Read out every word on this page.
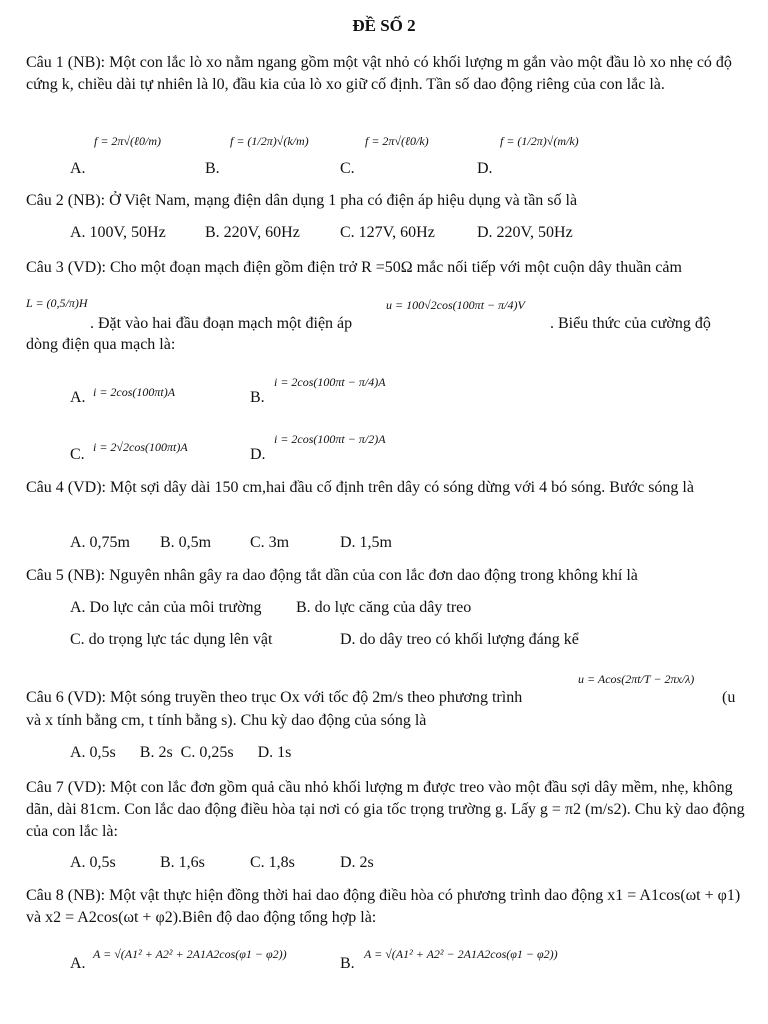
ĐỀ SỐ 2
Câu 1 (NB): Một con lắc lò xo nằm ngang gồm một vật nhỏ có khối lượng m gắn vào một đầu lò xo nhẹ có độ cứng k, chiều dài tự nhiên là l0, đầu kia của lò xo giữ cố định. Tần số dao động riêng của con lắc là.
A.
f = 2π√(ℓ0/m)
B.
f = (1/2π)√(k/m)
C.
f = 2π√(ℓ0/k)
D.
f = (1/2π)√(m/k)
Câu 2 (NB): Ở Việt Nam, mạng điện dân dụng 1 pha có điện áp hiệu dụng và tần số là
A. 100V, 50Hz B. 220V, 60Hz	C. 127V, 60Hz	D. 220V, 50Hz
Câu 3 (VD): Cho một đoạn mạch điện gồm điện trở R =50Ω mắc nối tiếp với một cuộn dây thuần cảm
L = (0,5/π)H
. Đặt vào hai đầu đoạn mạch một điện áp
u = 100√2cos(100πt − π/4)V
. Biểu thức của cường độ
dòng điện qua mạch là:
A. i = 2cos(100πt)A	B.
i = 2cos(100πt − π/4)A
C. i = 2√2cos(100πt)A	D.
i = 2cos(100πt − π/2)A
Câu 4 (VD): Một sợi dây dài 150 cm,hai đầu cố định trên dây có sóng dừng với 4 bó sóng. Bước sóng là
A. 0,75m B. 0,5m C. 3m	D. 1,5m
Câu 5 (NB): Nguyên nhân gây ra dao động tắt dần của con lắc đơn dao động trong không khí là
A. Do lực cản của môi trường B. do lực căng của dây treo
C. do trọng lực tác dụng lên vật	D. do dây treo có khối lượng đáng kể
Câu 6 (VD): Một sóng truyền theo trục Ox với tốc độ 2m/s theo phương trình
u = Acos(2πt/T − 2πx/λ)
(u
và x tính bằng cm, t tính bằng s). Chu kỳ dao động của sóng là
A. 0,5s      B. 2s  C. 0,25s      D. 1s
Câu 7 (VD): Một con lắc đơn gồm quả cầu nhỏ khối lượng m được treo vào một đầu sợi dây mềm, nhẹ, không dãn, dài 81cm. Con lắc dao động điều hòa tại nơi có gia tốc trọng trường g. Lấy g = π2 (m/s2). Chu kỳ dao động của con lắc là:
A. 0,5s	B. 1,6s	C. 1,8s	D. 2s
Câu 8 (NB): Một vật thực hiện đồng thời hai dao động điều hòa có phương trình dao động x1 = A1cos(ωt + φ1) và x2 = A2cos(ωt + φ2).Biên độ dao động tổng hợp là:
A.
A = √(A1² + A2² + 2A1A2cos(φ1 − φ2))
B.
A = √(A1² + A2² − 2A1A2cos(φ1 − φ2))
